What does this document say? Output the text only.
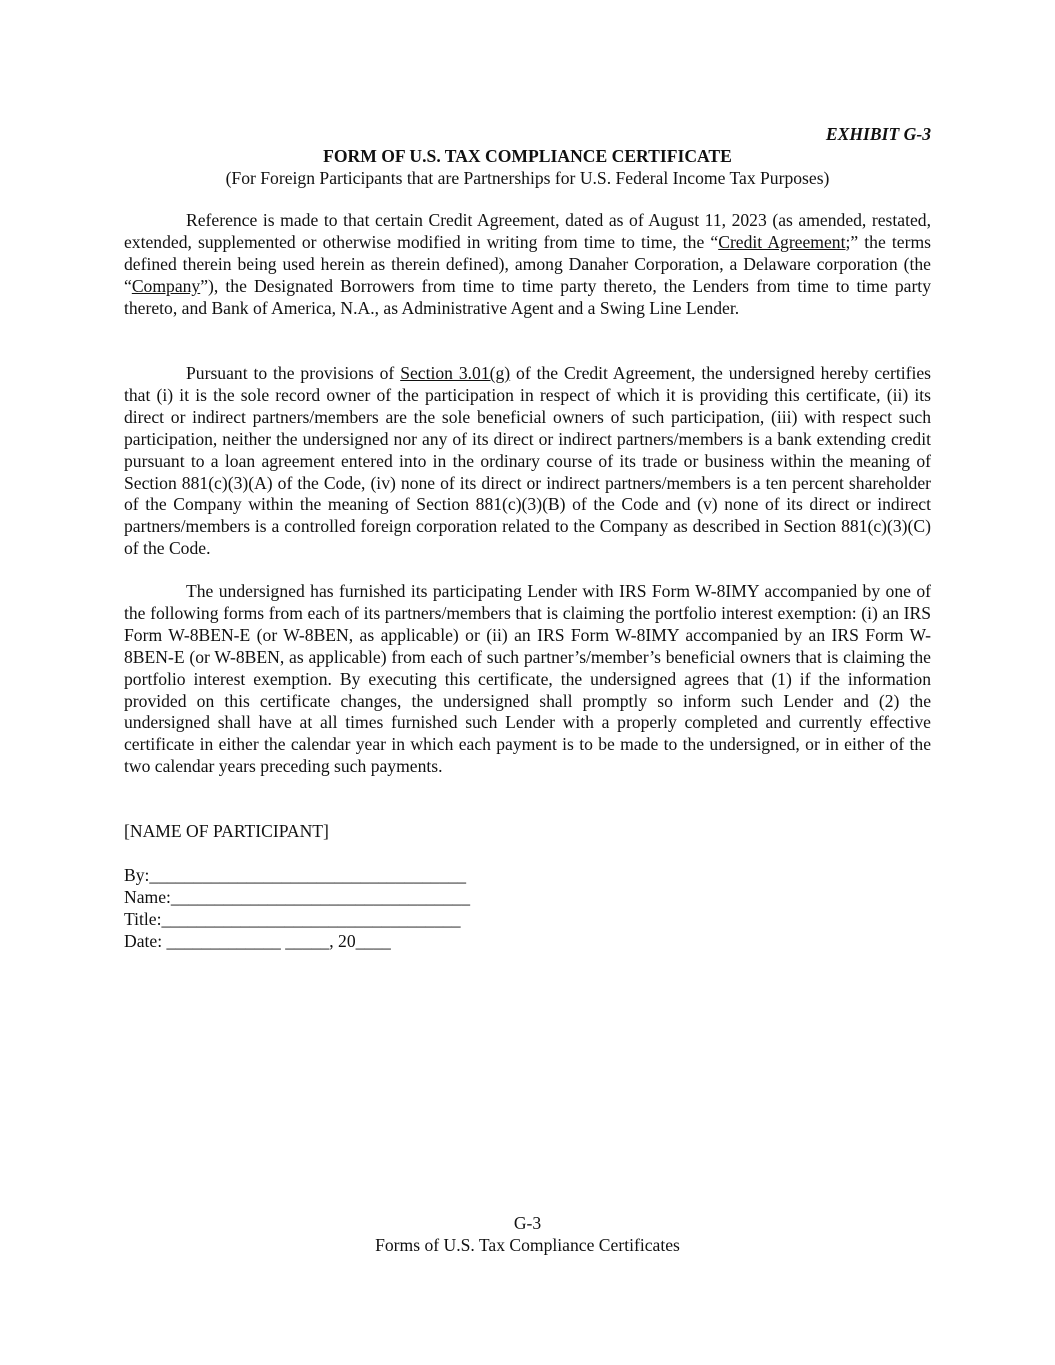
EXHIBIT G-3
FORM OF U.S. TAX COMPLIANCE CERTIFICATE
(For Foreign Participants that are Partnerships for U.S. Federal Income Tax Purposes)

Reference is made to that certain Credit Agreement, dated as of August 11, 2023 (as amended, restated, extended, supplemented or otherwise modified in writing from time to time, the “Credit Agreement;” the terms defined therein being used herein as therein defined), among Danaher Corporation, a Delaware corporation (the “Company”), the Designated Borrowers from time to time party thereto, the Lenders from time to time party thereto, and Bank of America, N.A., as Administrative Agent and a Swing Line Lender.

Pursuant to the provisions of Section 3.01(g) of the Credit Agreement, the undersigned hereby certifies that (i) it is the sole record owner of the participation in respect of which it is providing this certificate, (ii) its direct or indirect partners/members are the sole beneficial owners of such participation, (iii) with respect such participation, neither the undersigned nor any of its direct or indirect partners/members is a bank extending credit pursuant to a loan agreement entered into in the ordinary course of its trade or business within the meaning of Section 881(c)(3)(A) of the Code, (iv) none of its direct or indirect partners/members is a ten percent shareholder of the Company within the meaning of Section 881(c)(3)(B) of the Code and (v) none of its direct or indirect partners/members is a controlled foreign corporation related to the Company as described in Section 881(c)(3)(C) of the Code.

The undersigned has furnished its participating Lender with IRS Form W-8IMY accompanied by one of the following forms from each of its partners/members that is claiming the portfolio interest exemption: (i) an IRS Form W-8BEN-E (or W-8BEN, as applicable) or (ii) an IRS Form W-8IMY accompanied by an IRS Form W-8BEN-E (or W-8BEN, as applicable) from each of such partner’s/member’s beneficial owners that is claiming the portfolio interest exemption. By executing this certificate, the undersigned agrees that (1) if the information provided on this certificate changes, the undersigned shall promptly so inform such Lender and (2) the undersigned shall have at all times furnished such Lender with a properly completed and currently effective certificate in either the calendar year in which each payment is to be made to the undersigned, or in either of the two calendar years preceding such payments.

[NAME OF PARTICIPANT]
By:____________________________________
Name:__________________________________
Title:__________________________________
Date: _____________ _____, 20____
G-3
Forms of U.S. Tax Compliance Certificates
